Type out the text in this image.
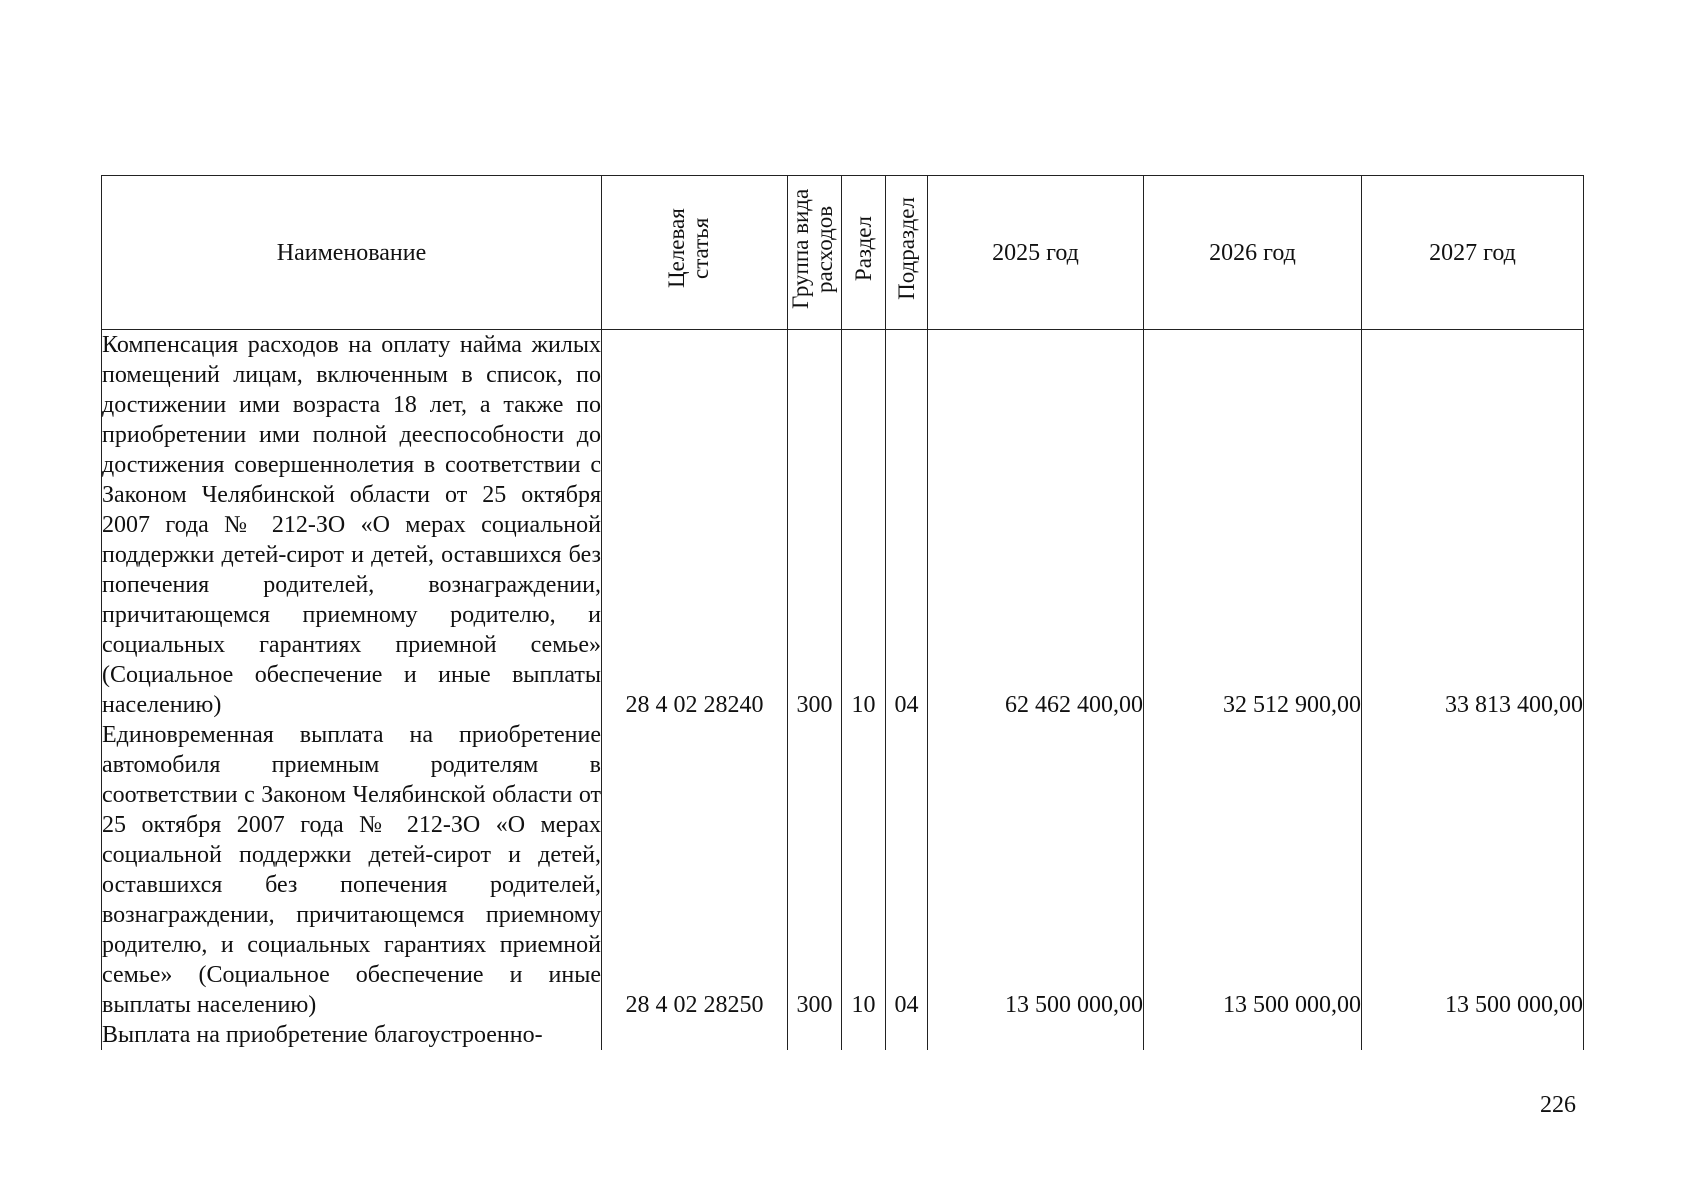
Наименование	Целевая статья	Группа вида расходов	Раздел	Подраздел	2025 год	2026 год	2027 год
Компенсация расходов на оплату найма жилых помещений лицам, включенным в список, по достижении ими возраста 18 лет, а также по приобретении ими полной дееспособности до достижения совершеннолетия в соответствии с Законом Челябинской области от 25 октября 2007 года № 212-ЗО «О мерах социальной поддержки детей-сирот и детей, оставшихся без попечения родителей, вознаграждении, причитающемся приемному родителю, и социальных гарантиях приемной семье» (Социальное обеспечение и иные выплаты населению)	28 4 02 28240	300	10	04	62 462 400,00	32 512 900,00	33 813 400,00
Единовременная выплата на приобретение автомобиля приемным родителям в соответствии с Законом Челябинской области от 25 октября 2007 года № 212-ЗО «О мерах социальной поддержки детей-сирот и детей, оставшихся без попечения родителей, вознаграждении, причитающемся приемному родителю, и социальных гарантиях приемной семье» (Социальное обеспечение и иные выплаты населению)	28 4 02 28250	300	10	04	13 500 000,00	13 500 000,00	13 500 000,00
Выплата на приобретение благоустроенно-							
226
